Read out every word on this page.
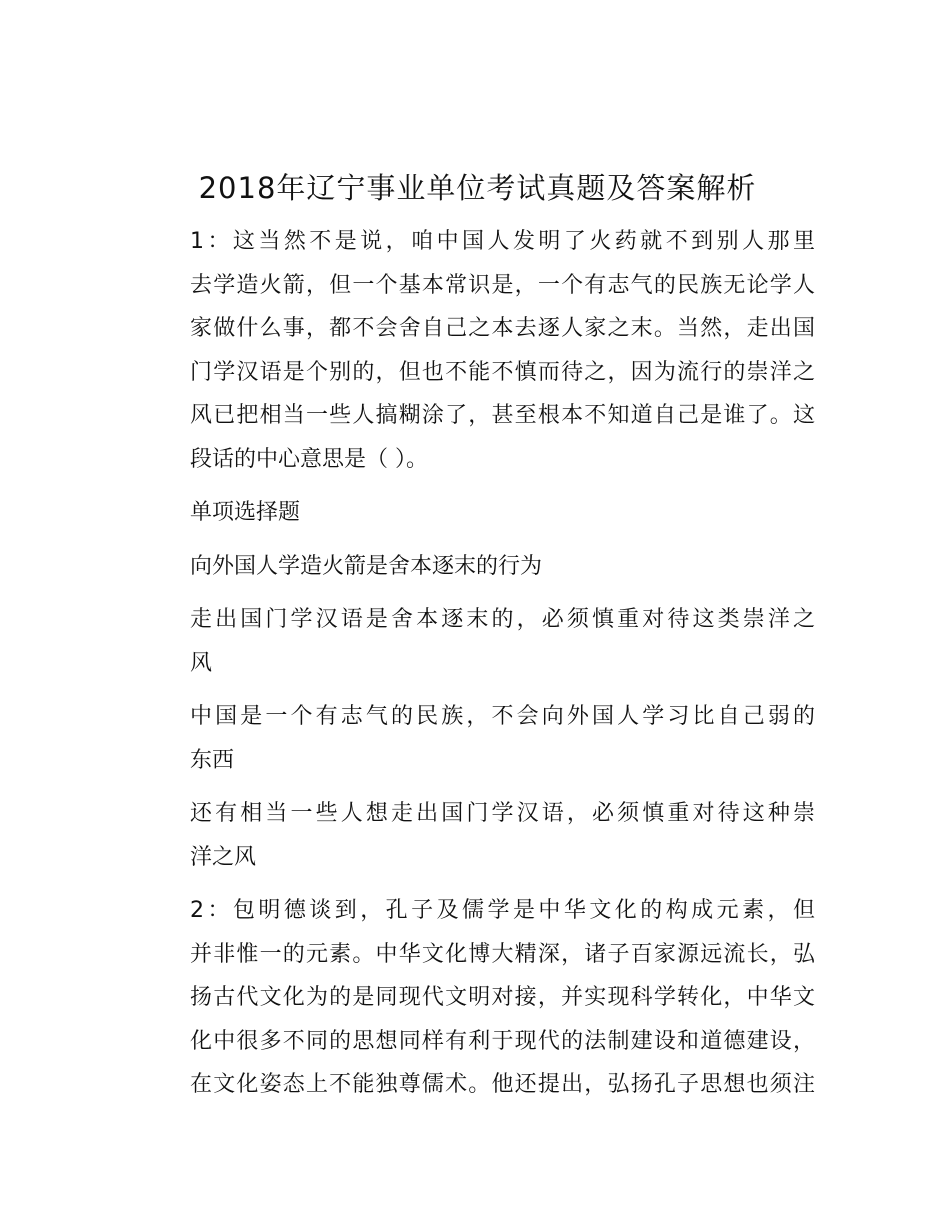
2018年辽宁事业单位考试真题及答案解析

1：这当然不是说，咱中国人发明了火药就不到别人那里
去学造火箭，但一个基本常识是，一个有志气的民族无论学人
家做什么事，都不会舍自己之本去逐人家之末。当然，走出国
门学汉语是个别的，但也不能不慎而待之，因为流行的崇洋之
风已把相当一些人搞糊涂了，甚至根本不知道自己是谁了。这
段话的中心意思是（ ）。

单项选择题

向外国人学造火箭是舍本逐末的行为

走出国门学汉语是舍本逐末的，必须慎重对待这类崇洋之
风

中国是一个有志气的民族，不会向外国人学习比自己弱的
东西

还有相当一些人想走出国门学汉语，必须慎重对待这种崇
洋之风

2：包明德谈到，孔子及儒学是中华文化的构成元素，但
并非惟一的元素。中华文化博大精深，诸子百家源远流长，弘
扬古代文化为的是同现代文明对接，并实现科学转化，中华文
化中很多不同的思想同样有利于现代的法制建设和道德建设，
在文化姿态上不能独尊儒术。他还提出，弘扬孔子思想也须注
